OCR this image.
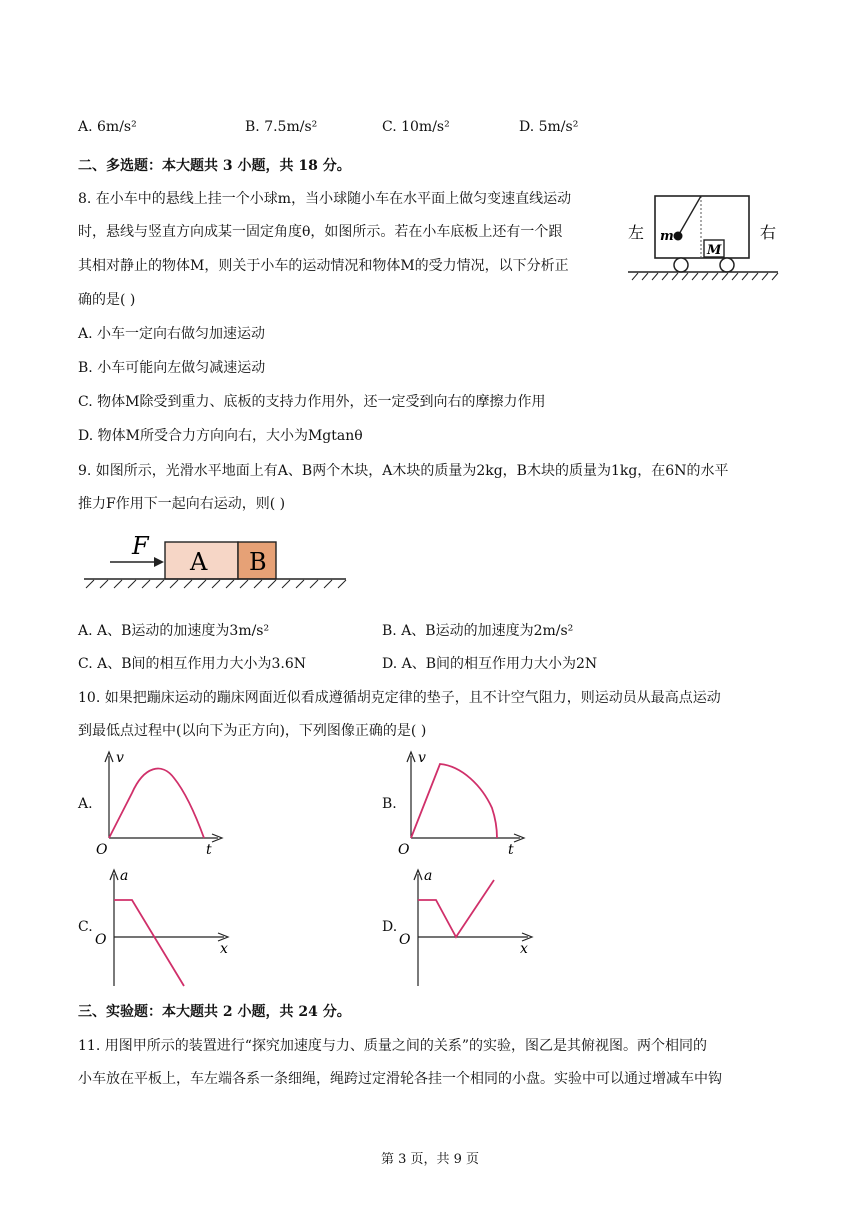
A. 6m/s²	B. 7.5m/s²	C. 10m/s²	D. 5m/s²
二、多选题：本大题共 3 小题，共 18 分。
8. 在小车中的悬线上挂一个小球m，当小球随小车在水平面上做匀变速直线运动
时，悬线与竖直方向成某一固定角度θ，如图所示。若在小车底板上还有一个跟
其相对静止的物体M，则关于小车的运动情况和物体M的受力情况，以下分析正
确的是( )
A. 小车一定向右做匀加速运动
B. 小车可能向左做匀减速运动
C. 物体M除受到重力、底板的支持力作用外，还一定受到向右的摩擦力作用
D. 物体M所受合力方向向右，大小为Mgtanθ
左	右
m
M
9. 如图所示，光滑水平地面上有A、B两个木块，A木块的质量为2kg，B木块的质量为1kg，在6N的水平
推力F作用下一起向右运动，则( )
F
A B
A. A、B运动的加速度为3m/s²	B. A、B运动的加速度为2m/s²
C. A、B间的相互作用力大小为3.6N	D. A、B间的相互作用力大小为2N
10. 如果把蹦床运动的蹦床网面近似看成遵循胡克定律的垫子，且不计空气阻力，则运动员从最高点运动
到最低点过程中(以向下为正方向)，下列图像正确的是( )
A.
v
t
O
B.
v
t
O
C.
a
x
O
D.
a
x
O
三、实验题：本大题共 2 小题，共 24 分。
11. 用图甲所示的装置进行“探究加速度与力、质量之间的关系”的实验，图乙是其俯视图。两个相同的
小车放在平板上，车左端各系一条细绳，绳跨过定滑轮各挂一个相同的小盘。实验中可以通过增减车中钩
第 3 页，共 9 页
